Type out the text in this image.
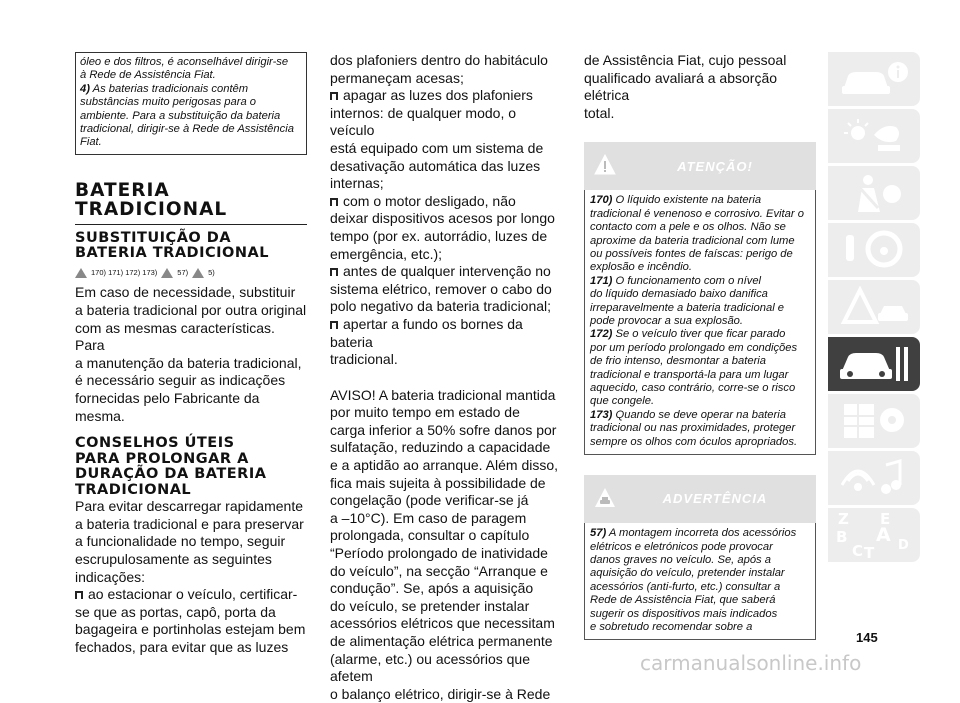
óleo e dos filtros, é aconselhável dirigir-se

à Rede de Assistência Fiat.

4) As baterias tradicionais contêm

substâncias muito perigosas para o

ambiente. Para a substituição da bateria

tradicional, dirigir-se à Rede de Assistência

Fiat.

BATERIA
TRADICIONAL
SUBSTITUIÇÃO DA
BATERIA TRADICIONAL
170) 171) 172) 173)	57)	5)

Em caso de necessidade, substituir
a bateria tradicional por outra original
com as mesmas características. Para
a manutenção da bateria tradicional,
é necessário seguir as indicações
fornecidas pelo Fabricante da mesma.

CONSELHOS ÚTEIS
PARA PROLONGAR A
DURAÇÃO DA BATERIA
TRADICIONAL

Para evitar descarregar rapidamente
a bateria tradicional e para preservar
a funcionalidade no tempo, seguir
escrupulosamente as seguintes
indicações:

ao estacionar o veículo, certificar-
se que as portas, capô, porta da
bagageira e portinholas estejam bem
fechados, para evitar que as luzes

dos plafoniers dentro do habitáculo
permaneçam acesas;

apagar as luzes dos plafoniers
internos: de qualquer modo, o veículo
está equipado com um sistema de
desativação automática das luzes
internas;

com o motor desligado, não
deixar dispositivos acesos por longo
tempo (por ex. autorrádio, luzes de
emergência, etc.);

antes de qualquer intervenção no
sistema elétrico, remover o cabo do
polo negativo da bateria tradicional;

apertar a fundo os bornes da bateria
tradicional.

AVISO! A bateria tradicional mantida
por muito tempo em estado de
carga inferior a 50% sofre danos por
sulfatação, reduzindo a capacidade
e a aptidão ao arranque. Além disso,
fica mais sujeita à possibilidade de
congelação (pode verificar-se já
a –10°C). Em caso de paragem
prolongada, consultar o capítulo
“Período prolongado de inatividade
do veículo”, na secção “Arranque e
condução”. Se, após a aquisição
do veículo, se pretender instalar
acessórios elétricos que necessitam
de alimentação elétrica permanente
(alarme, etc.) ou acessórios que afetem
o balanço elétrico, dirigir-se à Rede

de Assistência Fiat, cujo pessoal
qualificado avaliará a absorção elétrica
total.

ATENÇÃO!

170) O líquido existente na bateria

tradicional é venenoso e corrosivo. Evitar o

contacto com a pele e os olhos. Não se

aproxime da bateria tradicional com lume

ou possíveis fontes de faíscas: perigo de

explosão e incêndio.

171) O funcionamento com o nível

do líquido demasiado baixo danifica

irreparavelmente a bateria tradicional e

pode provocar a sua explosão.

172) Se o veículo tiver que ficar parado

por um período prolongado em condições

de frio intenso, desmontar a bateria

tradicional e transportá-la para um lugar

aquecido, caso contrário, corre-se o risco

que congele.

173) Quando se deve operar na bateria

tradicional ou nas proximidades, proteger

sempre os olhos com óculos apropriados.

ADVERTÊNCIA

57) A montagem incorreta dos acessórios

elétricos e eletrónicos pode provocar

danos graves no veículo. Se, após a

aquisição do veículo, pretender instalar

acessórios (anti-furto, etc.) consultar a

Rede de Assistência Fiat, que saberá

sugerir os dispositivos mais indicados

e sobretudo recomendar sobre a

Z E
B A
C T D
145
carmanualsonline.info
